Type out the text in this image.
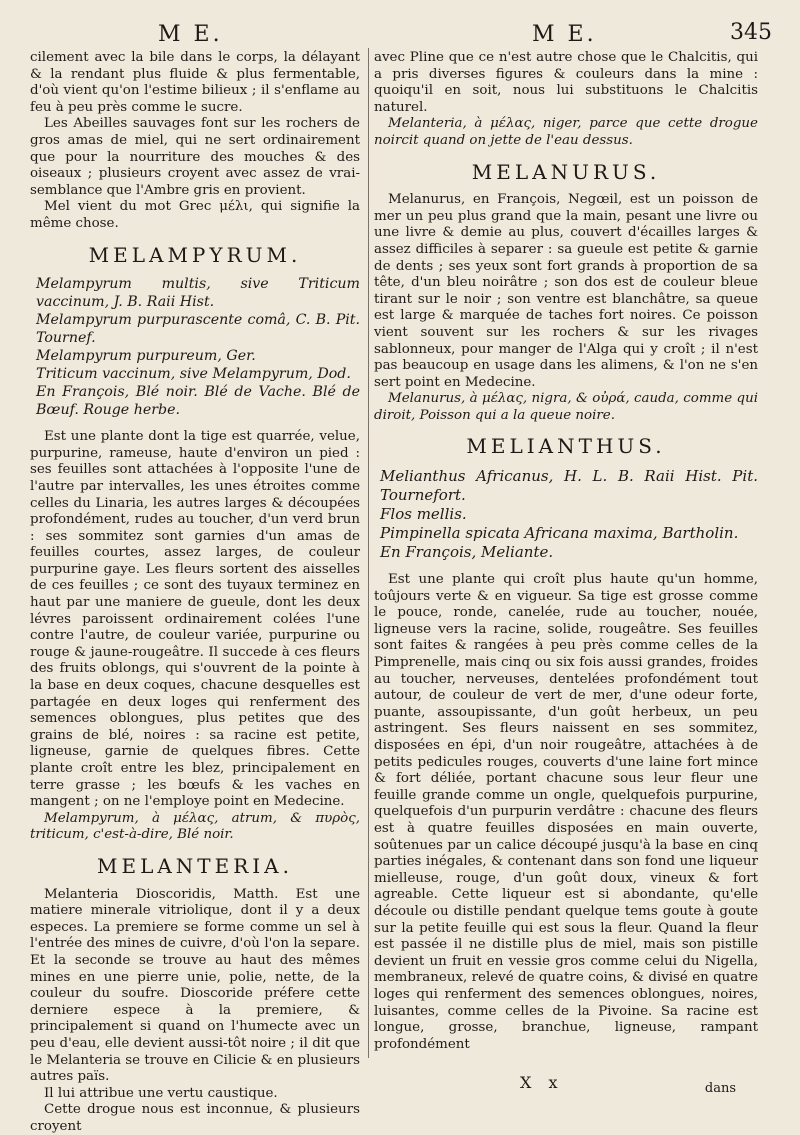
M E.	M E.	345

cilement avec la bile dans le corps, la délayant & la rendant plus fluide & plus fermentable, d'où vient qu'on l'estime bilieux ; il s'enflame au feu à peu près comme le sucre.

Les Abeilles sauvages font sur les rochers de gros amas de miel, qui ne sert ordinairement que pour la nourriture des mouches & des oiseaux ; plusieurs croyent avec assez de vrai-semblance que l'Ambre gris en provient.

Mel vient du mot Grec μέλι, qui signifie la même chose.

MELAMPYRUM.

Melampyrum multis, sive Triticum vaccinum, J. B. Raii Hist.

Melampyrum purpurascente comâ, C. B. Pit. Tournef.

Melampyrum purpureum, Ger.

Triticum vaccinum, sive Melampyrum, Dod.

En François, Blé noir. Blé de Vache. Blé de Bœuf. Rouge herbe.

Est une plante dont la tige est quarrée, velue, purpurine, rameuse, haute d'environ un pied : ses feuilles sont attachées à l'opposite l'une de l'autre par intervalles, les unes étroites comme celles du Linaria, les autres larges & découpées profondément, rudes au toucher, d'un verd brun : ses sommitez sont garnies d'un amas de feuilles courtes, assez larges, de couleur purpurine gaye. Les fleurs sortent des aisselles de ces feuilles ; ce sont des tuyaux terminez en haut par une maniere de gueule, dont les deux lévres paroissent ordinairement colées l'une contre l'autre, de couleur variée, purpurine ou rouge & jaune-rougeâtre. Il succede à ces fleurs des fruits oblongs, qui s'ouvrent de la pointe à la base en deux coques, chacune desquelles est partagée en deux loges qui renferment des semences oblongues, plus petites que des grains de blé, noires : sa racine est petite, ligneuse, garnie de quelques fibres. Cette plante croît entre les blez, principalement en terre grasse ; les bœufs & les vaches en mangent ; on ne l'employe point en Medecine.

Melampyrum, à μέλας, atrum, & πυρὸς, triticum, c'est-à-dire, Blé noir.

MELANTERIA.

Melanteria Dioscoridis, Matth. Est une matiere minerale vitriolique, dont il y a deux especes. La premiere se forme comme un sel à l'entrée des mines de cuivre, d'où l'on la separe. Et la seconde se trouve au haut des mêmes mines en une pierre unie, polie, nette, de la couleur du soufre. Dioscoride préfere cette derniere espece à la premiere, & principalement si quand on l'humecte avec un peu d'eau, elle devient aussi-tôt noire ; il dit que le Melanteria se trouve en Cilicie & en plusieurs autres païs.

Il lui attribue une vertu caustique.

Cette drogue nous est inconnue, & plusieurs croyent

avec Pline que ce n'est autre chose que le Chalcitis, qui a pris diverses figures & couleurs dans la mine : quoiqu'il en soit, nous lui substituons le Chalcitis naturel.

Melanteria, à μέλας, niger, parce que cette drogue noircit quand on jette de l'eau dessus.

MELANURUS.

Melanurus, en François, Negœil, est un poisson de mer un peu plus grand que la main, pesant une livre ou une livre & demie au plus, couvert d'écailles larges & assez difficiles à separer : sa gueule est petite & garnie de dents ; ses yeux sont fort grands à proportion de sa tête, d'un bleu noirâtre ; son dos est de couleur bleue tirant sur le noir ; son ventre est blanchâtre, sa queue est large & marquée de taches fort noires. Ce poisson vient souvent sur les rochers & sur les rivages sablonneux, pour manger de l'Alga qui y croît ; il n'est pas beaucoup en usage dans les alimens, & l'on ne s'en sert point en Medecine.

Melanurus, à μέλας, nigra, & οὐρά, cauda, comme qui diroit, Poisson qui a la queue noire.

MELIANTHUS.

Melianthus Africanus, H. L. B. Raii Hist. Pit. Tournefort.

Flos mellis.

Pimpinella spicata Africana maxima, Bartholin.

En François, Meliante.

Est une plante qui croît plus haute qu'un homme, toûjours verte & en vigueur. Sa tige est grosse comme le pouce, ronde, canelée, rude au toucher, nouée, ligneuse vers la racine, solide, rougeâtre. Ses feuilles sont faites & rangées à peu près comme celles de la Pimprenelle, mais cinq ou six fois aussi grandes, froides au toucher, nerveuses, dentelées profondément tout autour, de couleur de vert de mer, d'une odeur forte, puante, assoupissante, d'un goût herbeux, un peu astringent. Ses fleurs naissent en ses sommitez, disposées en épi, d'un noir rougeâtre, attachées à de petits pedicules rouges, couverts d'une laine fort mince & fort déliée, portant chacune sous leur fleur une feuille grande comme un ongle, quelquefois purpurine, quelquefois d'un purpurin verdâtre : chacune des fleurs est à quatre feuilles disposées en main ouverte, soûtenues par un calice découpé jusqu'à la base en cinq parties inégales, & contenant dans son fond une liqueur mielleuse, rouge, d'un goût doux, vineux & fort agreable. Cette liqueur est si abondante, qu'elle découle ou distille pendant quelque tems goute à goute sur la petite feuille qui est sous la fleur. Quand la fleur est passée il ne distille plus de miel, mais son pistille devient un fruit en vessie gros comme celui du Nigella, membraneux, relevé de quatre coins, & divisé en quatre loges qui renferment des semences oblongues, noires, luisantes, comme celles de la Pivoine. Sa racine est longue, grosse, branchue, ligneuse, rampant profondément

X x	dans
